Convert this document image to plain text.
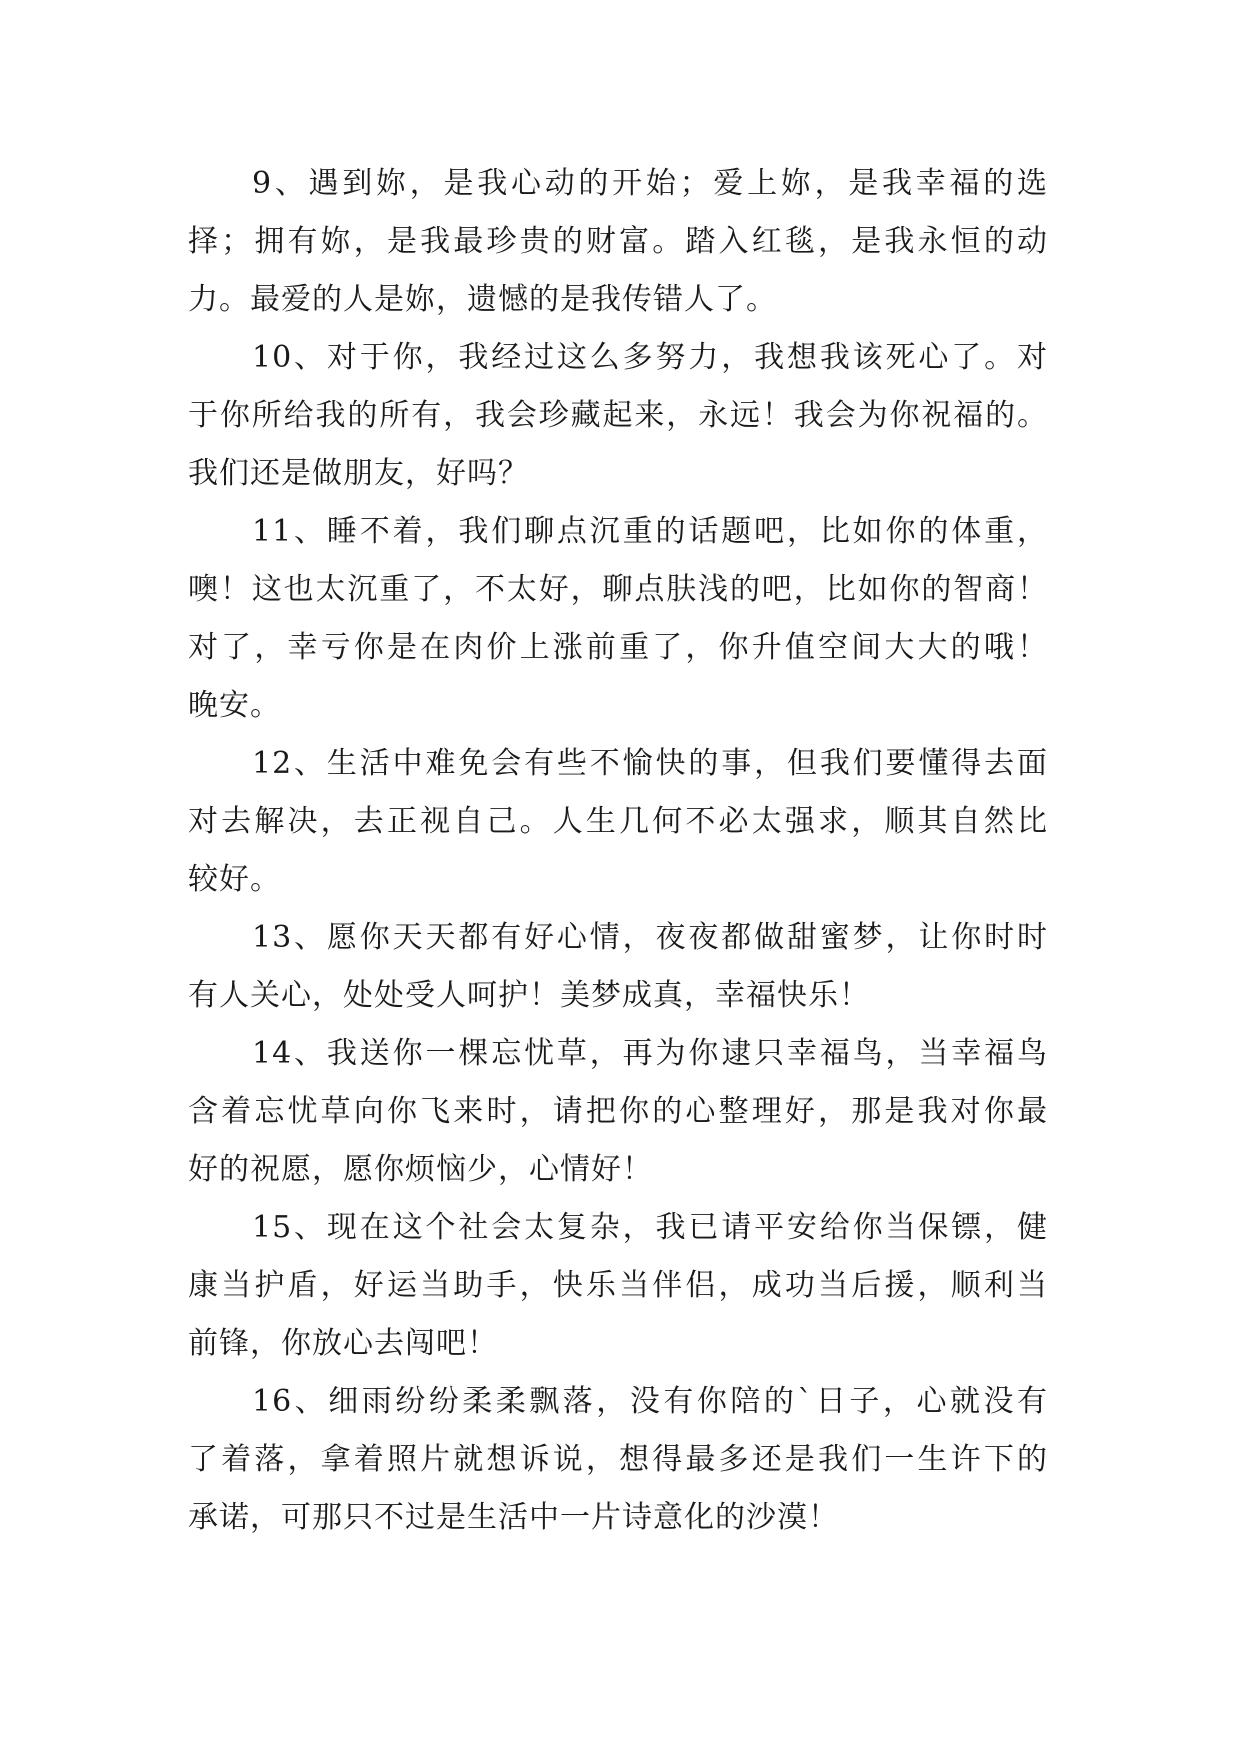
9、遇到妳，是我心动的开始；爱上妳，是我幸福的选
择；拥有妳，是我最珍贵的财富。踏入红毯，是我永恒的动
力。最爱的人是妳，遗憾的是我传错人了。

10、对于你，我经过这么多努力，我想我该死心了。对
于你所给我的所有，我会珍藏起来，永远！我会为你祝福的。
我们还是做朋友，好吗？

11、睡不着，我们聊点沉重的话题吧，比如你的体重，
噢！这也太沉重了，不太好，聊点肤浅的吧，比如你的智商！
对了，幸亏你是在肉价上涨前重了，你升值空间大大的哦！
晚安。

12、生活中难免会有些不愉快的事，但我们要懂得去面
对去解决，去正视自己。人生几何不必太强求，顺其自然比
较好。

13、愿你天天都有好心情，夜夜都做甜蜜梦，让你时时
有人关心，处处受人呵护！美梦成真，幸福快乐！

14、我送你一棵忘忧草，再为你逮只幸福鸟，当幸福鸟
含着忘忧草向你飞来时，请把你的心整理好，那是我对你最
好的祝愿，愿你烦恼少，心情好！

15、现在这个社会太复杂，我已请平安给你当保镖，健
康当护盾，好运当助手，快乐当伴侣，成功当后援，顺利当
前锋，你放心去闯吧！

16、细雨纷纷柔柔飘落，没有你陪的`日子，心就没有
了着落，拿着照片就想诉说，想得最多还是我们一生许下的
承诺，可那只不过是生活中一片诗意化的沙漠！
